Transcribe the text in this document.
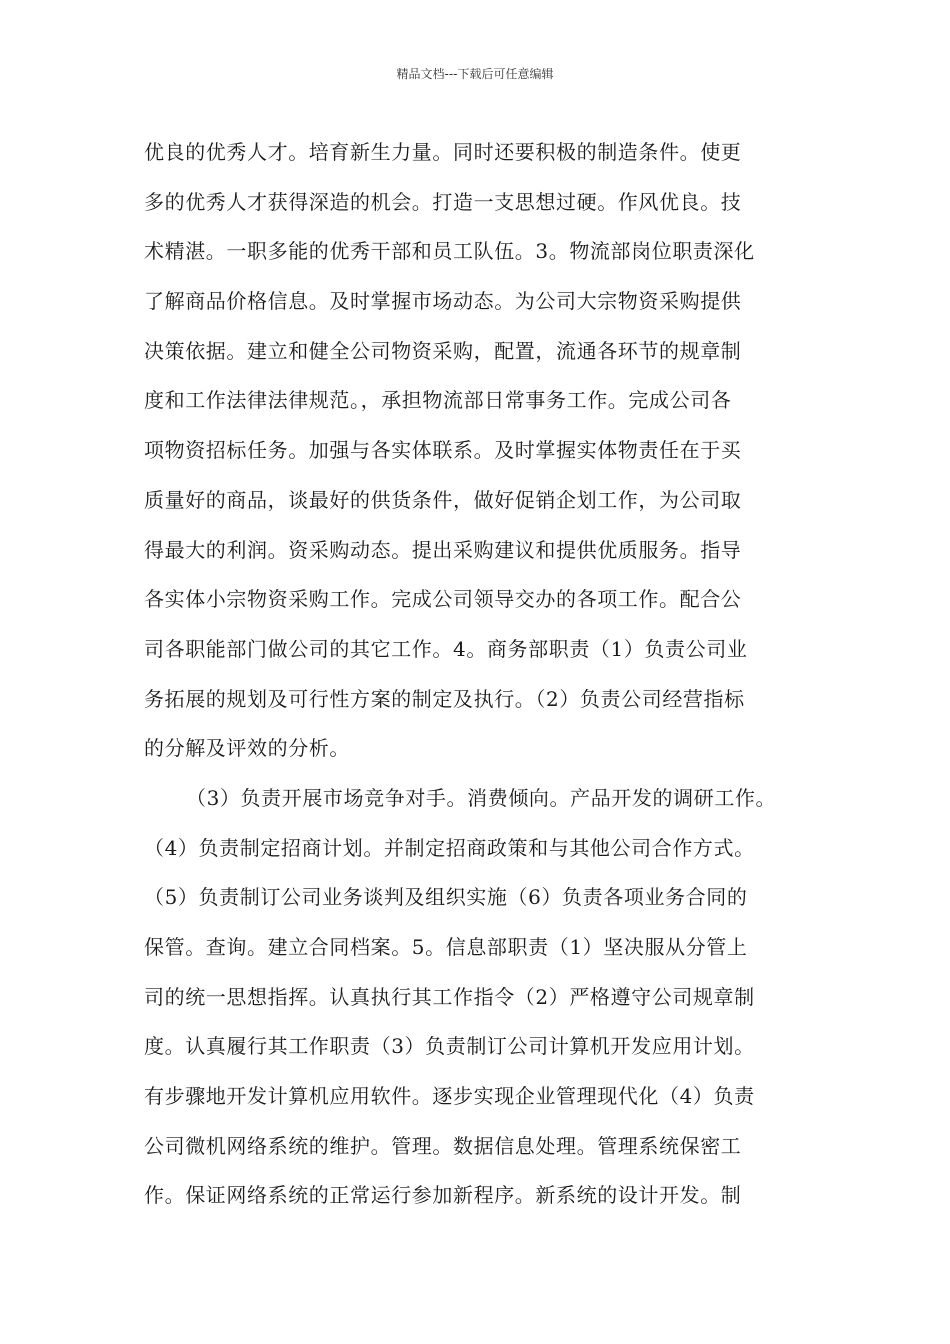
精品文档---下载后可任意编辑
优良的优秀人才。培育新生力量。同时还要积极的制造条件。使更
多的优秀人才获得深造的机会。打造一支思想过硬。作风优良。技
术精湛。一职多能的优秀干部和员工队伍。3。物流部岗位职责深化
了解商品价格信息。及时掌握市场动态。为公司大宗物资采购提供
决策依据。建立和健全公司物资采购，配置，流通各环节的规章制
度和工作法律法律规范。，承担物流部日常事务工作。完成公司各
项物资招标任务。加强与各实体联系。及时掌握实体物责任在于买
质量好的商品，谈最好的供货条件，做好促销企划工作，为公司取
得最大的利润。资采购动态。提出采购建议和提供优质服务。指导
各实体小宗物资采购工作。完成公司领导交办的各项工作。配合公
司各职能部门做公司的其它工作。4。商务部职责（1）负责公司业
务拓展的规划及可行性方案的制定及执行。（2）负责公司经营指标
的分解及评效的分析。
（3）负责开展市场竞争对手。消费倾向。产品开发的调研工作。
（4）负责制定招商计划。并制定招商政策和与其他公司合作方式。
（5）负责制订公司业务谈判及组织实施（6）负责各项业务合同的
保管。查询。建立合同档案。5。信息部职责（1）坚决服从分管上
司的统一思想指挥。认真执行其工作指令（2）严格遵守公司规章制
度。认真履行其工作职责（3）负责制订公司计算机开发应用计划。
有步骤地开发计算机应用软件。逐步实现企业管理现代化（4）负责
公司微机网络系统的维护。管理。数据信息处理。管理系统保密工
作。保证网络系统的正常运行参加新程序。新系统的设计开发。制
